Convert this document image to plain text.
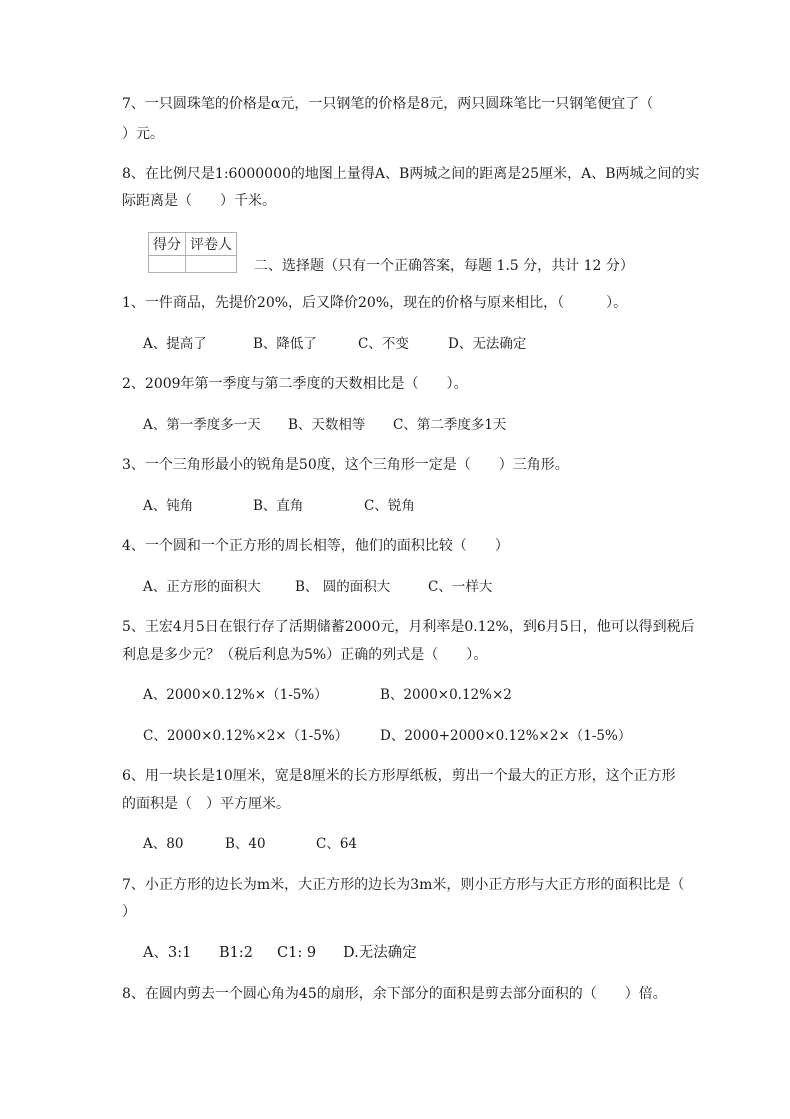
7、一只圆珠笔的价格是α元，一只钢笔的价格是8元，两只圆珠笔比一只钢笔便宜了（
）元。
8、在比例尺是1:6000000的地图上量得A、B两城之间的距离是25厘米，A、B两城之间的实
际距离是（　　）千米。
得分	评卷人

二、选择题（只有一个正确答案，每题 1.5 分，共计 12 分）
1、一件商品，先提价20%，后又降价20%，现在的价格与原来相比，（　　　）。
A、提高了	B、降低了	C、不变	D、无法确定
2、2009年第一季度与第二季度的天数相比是（　　）。
A、第一季度多一天 B、天数相等 C、第二季度多1天
3、一个三角形最小的锐角是50度，这个三角形一定是（　　）三角形。
A、钝角	B、直角	C、锐角
4、一个圆和一个正方形的周长相等，他们的面积比较（　　）
A、正方形的面积大	B、 圆的面积大	C、一样大
5、王宏4月5日在银行存了活期储蓄2000元，月利率是0.12%，到6月5日，他可以得到税后
利息是多少元？（税后利息为5%）正确的列式是（　　）。
A、2000×0.12%×（1-5%）	B、2000×0.12%×2
C、2000×0.12%×2×（1-5%） D、2000+2000×0.12%×2×（1-5%）
6、用一块长是10厘米，宽是8厘米的长方形厚纸板，剪出一个最大的正方形，这个正方形
的面积是（　）平方厘米。
A、80	B、40	C、64
7、小正方形的边长为m米，大正方形的边长为3m米，则小正方形与大正方形的面积比是（
）
A、3:1 B1:2 C1: 9 D.无法确定
8、在圆内剪去一个圆心角为45的扇形，余下部分的面积是剪去部分面积的（　　）倍。
